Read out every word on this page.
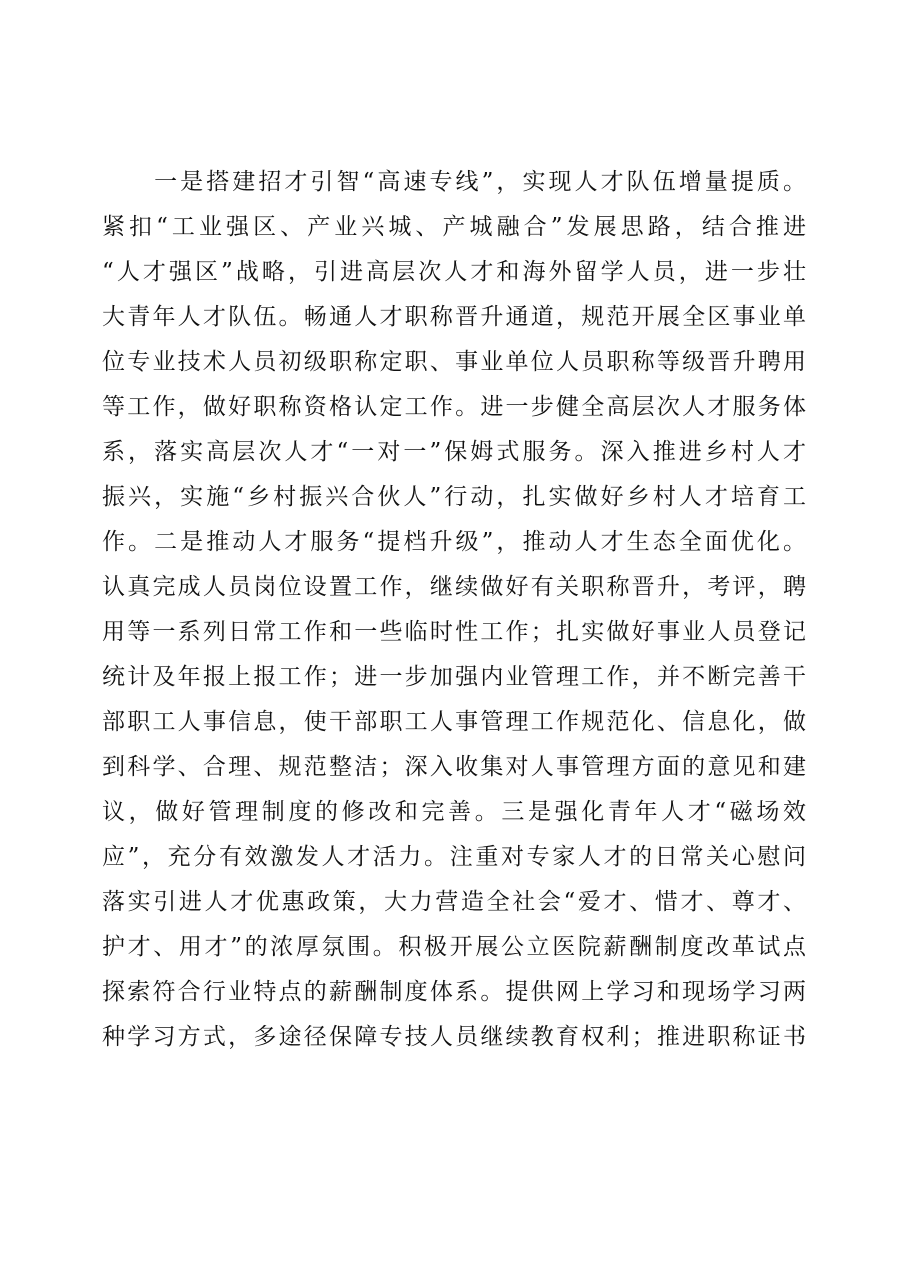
　　一是搭建招才引智“高速专线”，实现人才队伍增量提质。
紧扣“工业强区、产业兴城、产城融合”发展思路，结合推进
“人才强区”战略，引进高层次人才和海外留学人员，进一步壮
大青年人才队伍。畅通人才职称晋升通道，规范开展全区事业单
位专业技术人员初级职称定职、事业单位人员职称等级晋升聘用
等工作，做好职称资格认定工作。进一步健全高层次人才服务体
系，落实高层次人才“一对一”保姆式服务。深入推进乡村人才
振兴，实施“乡村振兴合伙人”行动，扎实做好乡村人才培育工
作。二是推动人才服务“提档升级”，推动人才生态全面优化。
认真完成人员岗位设置工作，继续做好有关职称晋升，考评，聘
用等一系列日常工作和一些临时性工作；扎实做好事业人员登记
统计及年报上报工作；进一步加强内业管理工作，并不断完善干
部职工人事信息，使干部职工人事管理工作规范化、信息化，做
到科学、合理、规范整洁；深入收集对人事管理方面的意见和建
议，做好管理制度的修改和完善。三是强化青年人才“磁场效
应”，充分有效激发人才活力。注重对专家人才的日常关心慰问
落实引进人才优惠政策，大力营造全社会“爱才、惜才、尊才、
护才、用才”的浓厚氛围。积极开展公立医院薪酬制度改革试点
探索符合行业特点的薪酬制度体系。提供网上学习和现场学习两
种学习方式，多途径保障专技人员继续教育权利；推进职称证书
